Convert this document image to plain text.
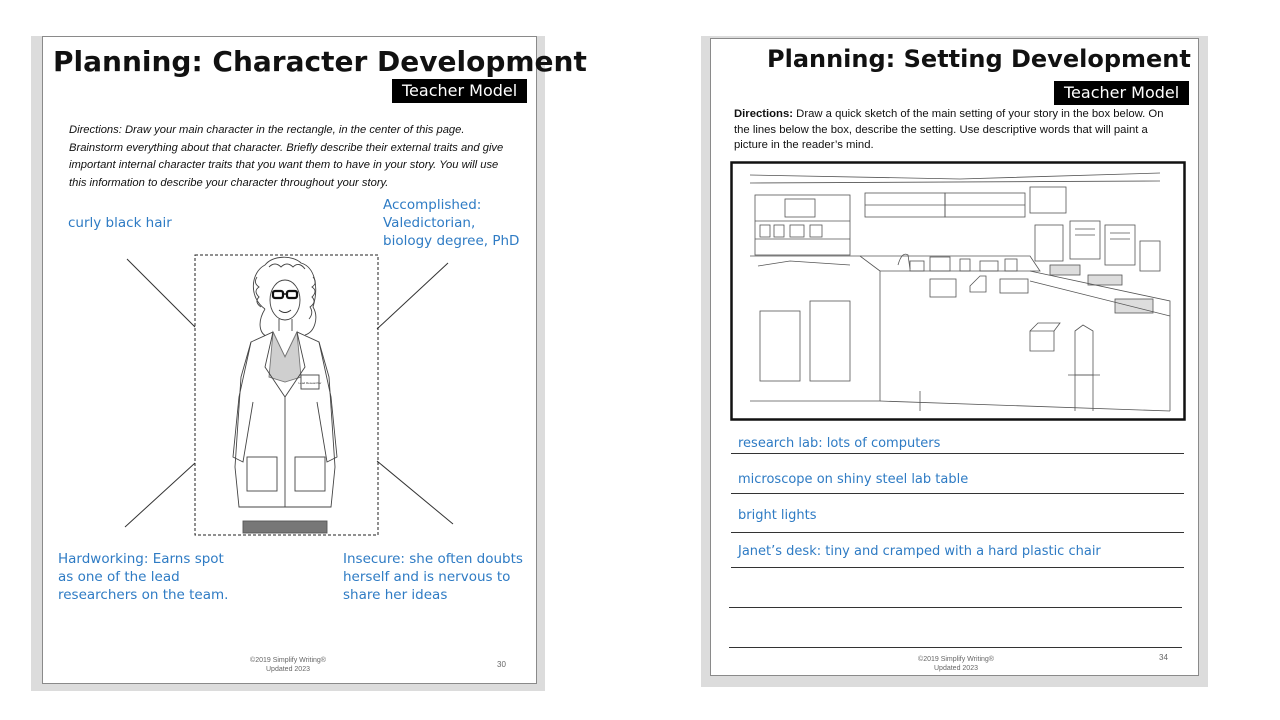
Planning: Character Development
Teacher Model
Directions: Draw your main character in the rectangle, in the center of this page. Brainstorm everything about that character. Briefly describe their external traits and give important internal character traits that you want them to have in your story. You will use this information to describe your character throughout your story.
curly black hair
Accomplished: Valedictorian, biology degree, PhD
Hardworking: Earns spot as one of the lead researchers on the team.
Insecure: she often doubts herself and is nervous to share her ideas
Lead Researcher
©2019 Simplify Writing®
Updated 2023
30
Planning: Setting Development
Teacher Model
Directions: Draw a quick sketch of the main setting of your story in the box below. On the lines below the box, describe the setting. Use descriptive words that will paint a picture in the reader’s mind.
research lab: lots of computers
microscope on shiny steel lab table
bright lights
Janet’s desk: tiny and cramped with a hard plastic chair
©2019 Simplify Writing®
Updated 2023
34
